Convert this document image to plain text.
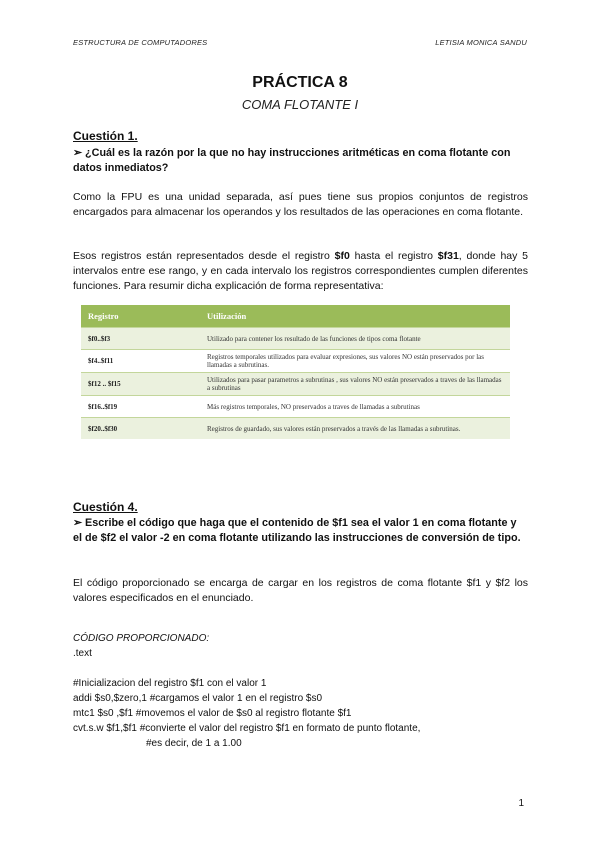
ESTRUCTURA DE COMPUTADORES	LETISIA MONICA SANDU
PRÁCTICA 8
COMA FLOTANTE I
Cuestión 1.
➢ ¿Cuál es la razón por la que no hay instrucciones aritméticas en coma flotante con datos inmediatos?
Como la FPU es una unidad separada, así pues tiene sus propios conjuntos de registros encargados para almacenar los operandos y los resultados de las operaciones en coma flotante.
Esos registros están representados desde el registro $f0 hasta el registro $f31, donde hay 5 intervalos entre ese rango, y en cada intervalo los registros correspondientes cumplen diferentes funciones. Para resumir dicha explicación de forma representativa:
Registro	Utilización
$f0..$f3	Utilizado para contener los resultado de las funciones de tipos coma flotante
$f4..$f11	Registros temporales utilizados para evaluar expresiones, sus valores NO están preservados por las llamadas a subrutinas.
$f12 .. $f15	Utilizados para pasar parametros a subrutinas , sus valores NO están preservados a traves de las llamadas a subrutinas
$f16..$f19	Más registros temporales, NO preservados a traves de llamadas a subrutinas
$f20..$f30	Registros de guardado, sus valores están preservados a través de las llamadas a subrutinas.
Cuestión 4.
➢ Escribe el código que haga que el contenido de $f1 sea el valor 1 en coma flotante y el de $f2 el valor -2 en coma flotante utilizando las instrucciones de conversión de tipo.
El código proporcionado se encarga de cargar en los registros de coma flotante $f1 y $f2 los valores especificados en el enunciado.
CÓDIGO PROPORCIONADO:
.text
#Inicializacion del registro $f1 con el valor 1
addi $s0,$zero,1 #cargamos el valor 1 en el registro $s0
mtc1 $s0 ,$f1 #movemos el valor de $s0 al registro flotante $f1
cvt.s.w $f1,$f1 #convierte el valor del registro $f1 en formato de punto flotante,
#es decir, de 1 a 1.00
1
